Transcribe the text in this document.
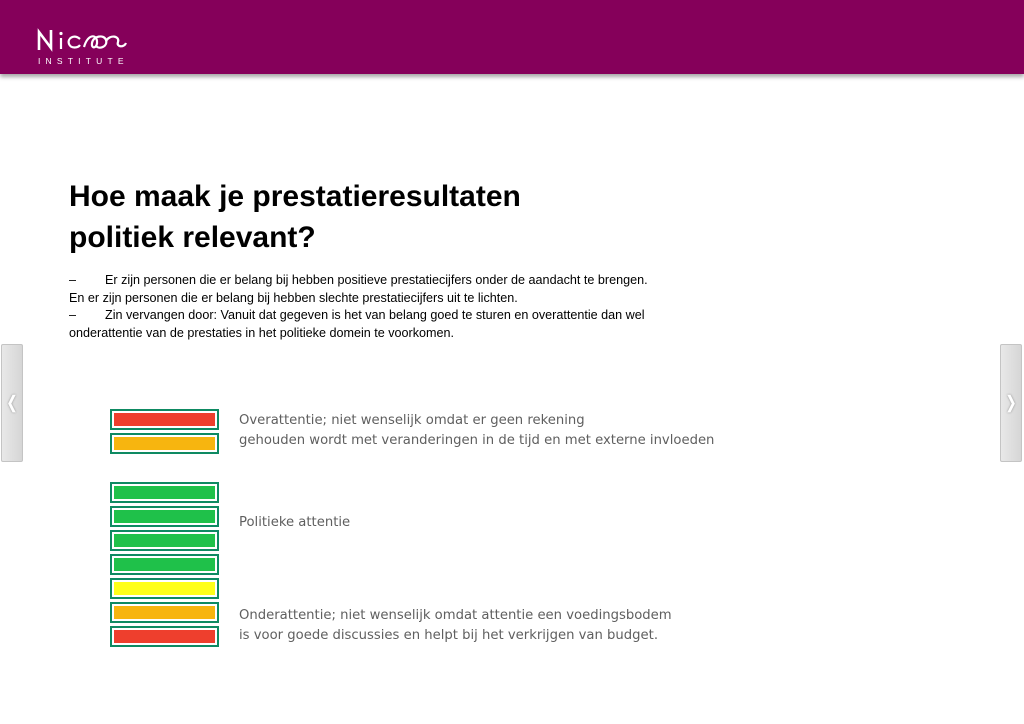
INSTITUTE
❬	❭
Hoe maak je prestatieresultaten
politiek relevant?
– Er zijn personen die er belang bij hebben positieve prestatiecijfers onder de aandacht te brengen. En er zijn personen die er belang bij hebben slechte prestatiecijfers uit te lichten.
– Zin vervangen door: Vanuit dat gegeven is het van belang goed te sturen en overattentie dan wel onderattentie van de prestaties in het politieke domein te voorkomen.

Overattentie; niet wenselijk omdat er geen rekening
gehouden wordt met veranderingen in de tijd en met externe invloeden

Politieke attentie

Onderattentie; niet wenselijk omdat attentie een voedingsbodem
is voor goede discussies en helpt bij het verkrijgen van budget.
